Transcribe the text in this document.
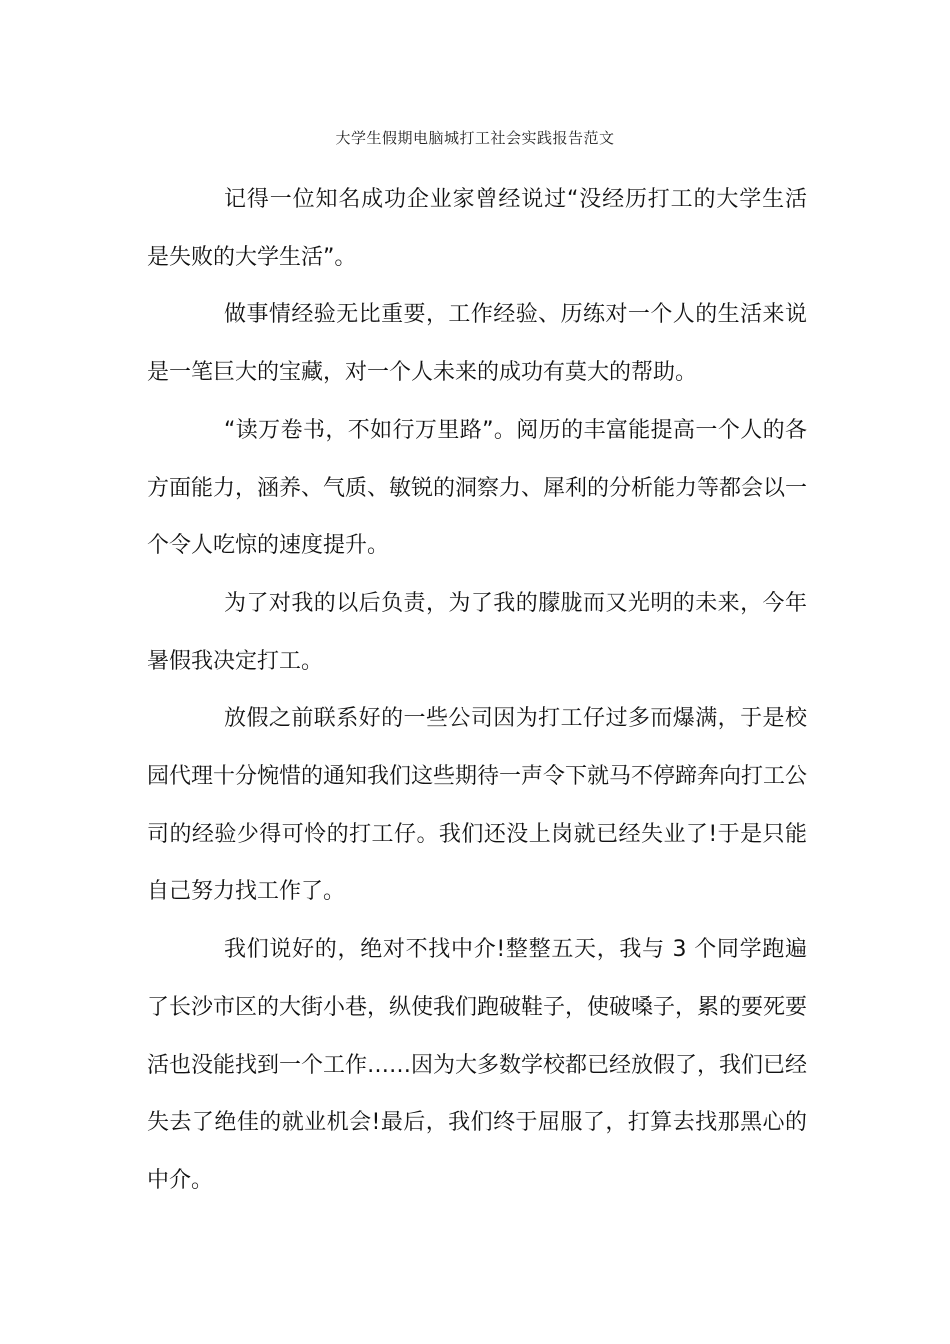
大学生假期电脑城打工社会实践报告范文

记得一位知名成功企业家曾经说过“没经历打工的大学生活是失败的大学生活”。

做事情经验无比重要，工作经验、历练对一个人的生活来说是一笔巨大的宝藏，对一个人未来的成功有莫大的帮助。

“读万卷书，不如行万里路”。阅历的丰富能提高一个人的各方面能力，涵养、气质、敏锐的洞察力、犀利的分析能力等都会以一个令人吃惊的速度提升。

为了对我的以后负责，为了我的朦胧而又光明的未来，今年暑假我决定打工。

放假之前联系好的一些公司因为打工仔过多而爆满，于是校园代理十分惋惜的通知我们这些期待一声令下就马不停蹄奔向打工公司的经验少得可怜的打工仔。我们还没上岗就已经失业了!于是只能自己努力找工作了。

我们说好的，绝对不找中介!整整五天，我与 3 个同学跑遍了长沙市区的大街小巷，纵使我们跑破鞋子，使破嗓子，累的要死要活也没能找到一个工作……因为大多数学校都已经放假了，我们已经失去了绝佳的就业机会!最后，我们终于屈服了，打算去找那黑心的中介。
